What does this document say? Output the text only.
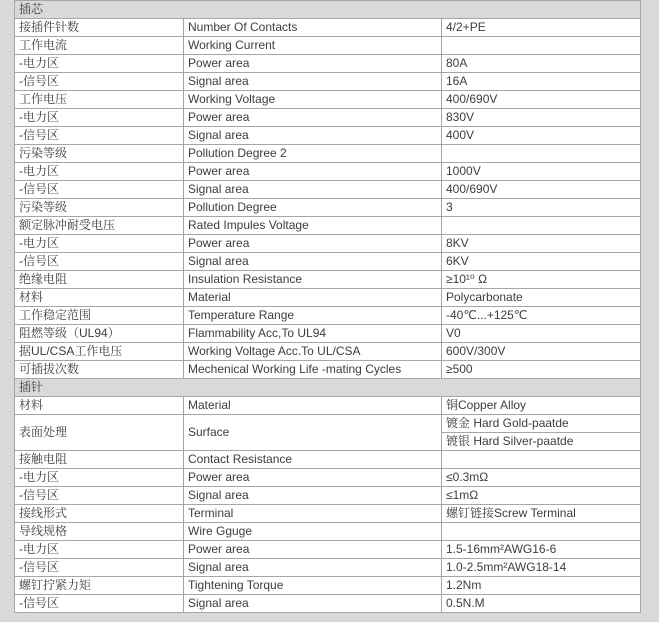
插芯		
接插件针数	Number Of Contacts	4/2+PE
工作电流	Working Current	
-电力区	Power area	80A
-信号区	Signal area	16A
工作电压	Working Voltage	400/690V
-电力区	Power area	830V
-信号区	Signal area	400V
污染等级	Pollution Degree 2	
-电力区	Power area	1000V
-信号区	Signal area	400/690V
污染等级	Pollution Degree	3
额定脉冲耐受电压	Rated Impules Voltage	
-电力区	Power area	8KV
-信号区	Signal area	6KV
绝缘电阻	Insulation Resistance	≥10¹⁰ Ω
材料	Material	Polycarbonate
工作稳定范围	Temperature Range	-40℃...+125℃
阻燃等级（UL94）	Flammability Acc,To UL94	V0
据UL/CSA工作电压	Working Voltage Acc.To UL/CSA	600V/300V
可插拔次数	Mechenical Working Life -mating Cycles	≥500
插针		
材料	Material	铜Copper Alloy
表面处理	Surface	镀金 Hard Gold-paatde
		镀银 Hard Silver-paatde
接触电阻	Contact Resistance	
-电力区	Power area	≤0.3mΩ
-信号区	Signal area	≤1mΩ
接线形式	Terminal	螺钉链接Screw Terminal
导线规格	Wire Gguge	
-电力区	Power area	1.5-16mm²AWG16-6
-信号区	Signal area	1.0-2.5mm²AWG18-14
螺钉拧紧力矩	Tightening Torque	1.2Nm
-信号区	Signal area	0.5N.M
